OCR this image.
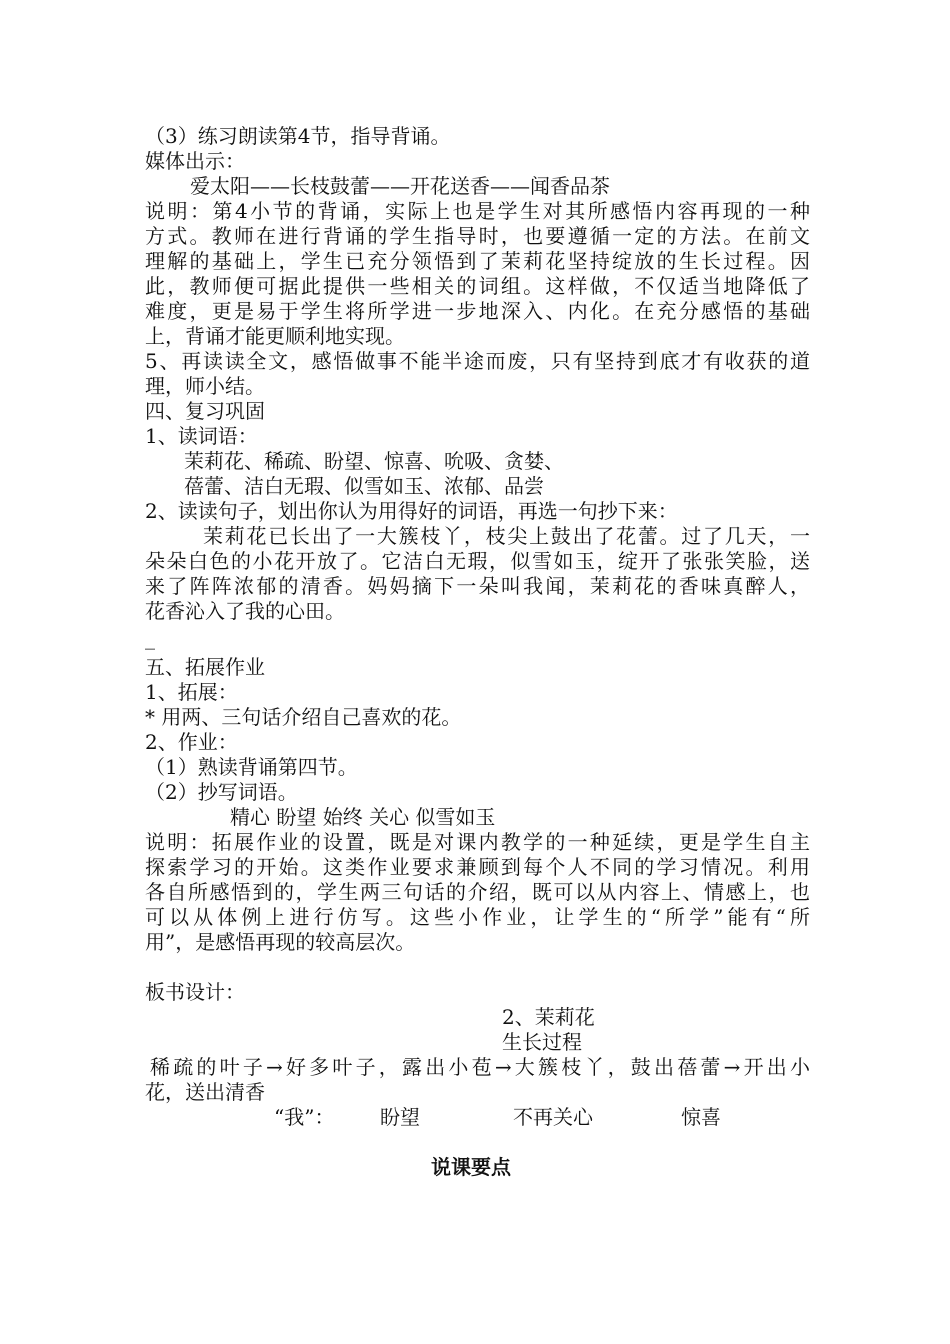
（3）练习朗读第4节，指导背诵。
媒体出示：
爱太阳——长枝鼓蕾——开花送香——闻香品茶
说明：第4小节的背诵，实际上也是学生对其所感悟内容再现的一种
方式。教师在进行背诵的学生指导时，也要遵循一定的方法。在前文
理解的基础上，学生已充分领悟到了茉莉花坚持绽放的生长过程。因
此，教师便可据此提供一些相关的词组。这样做，不仅适当地降低了
难度，更是易于学生将所学进一步地深入、内化。在充分感悟的基础
上，背诵才能更顺利地实现。
5、再读读全文，感悟做事不能半途而废，只有坚持到底才有收获的道
理，师小结。
四、复习巩固
1、读词语：
茉莉花、稀疏、盼望、惊喜、吮吸、贪婪、
蓓蕾、洁白无瑕、似雪如玉、浓郁、品尝
2、读读句子，划出你认为用得好的词语，再选一句抄下来：
茉莉花已长出了一大簇枝丫，枝尖上鼓出了花蕾。过了几天，一
朵朵白色的小花开放了。它洁白无瑕，似雪如玉，绽开了张张笑脸，送
来了阵阵浓郁的清香。妈妈摘下一朵叫我闻，茉莉花的香味真醉人，
花香沁入了我的心田。
_
五、拓展作业
1、拓展：
* 用两、三句话介绍自己喜欢的花。
2、作业：
（1）熟读背诵第四节。
（2）抄写词语。
精心 盼望 始终 关心 似雪如玉
说明：拓展作业的设置，既是对课内教学的一种延续，更是学生自主
探索学习的开始。这类作业要求兼顾到每个人不同的学习情况。利用
各自所感悟到的，学生两三句话的介绍，既可以从内容上、情感上，也
可以从体例上进行仿写。这些小作业，让学生的“所学”能有“所
用”，是感悟再现的较高层次。
板书设计：
2、茉莉花
生长过程
稀疏的叶子→好多叶子，露出小苞→大簇枝丫，鼓出蓓蕾→开出小
花，送出清香
“我”： 盼望	不再关心	惊喜
说课要点
